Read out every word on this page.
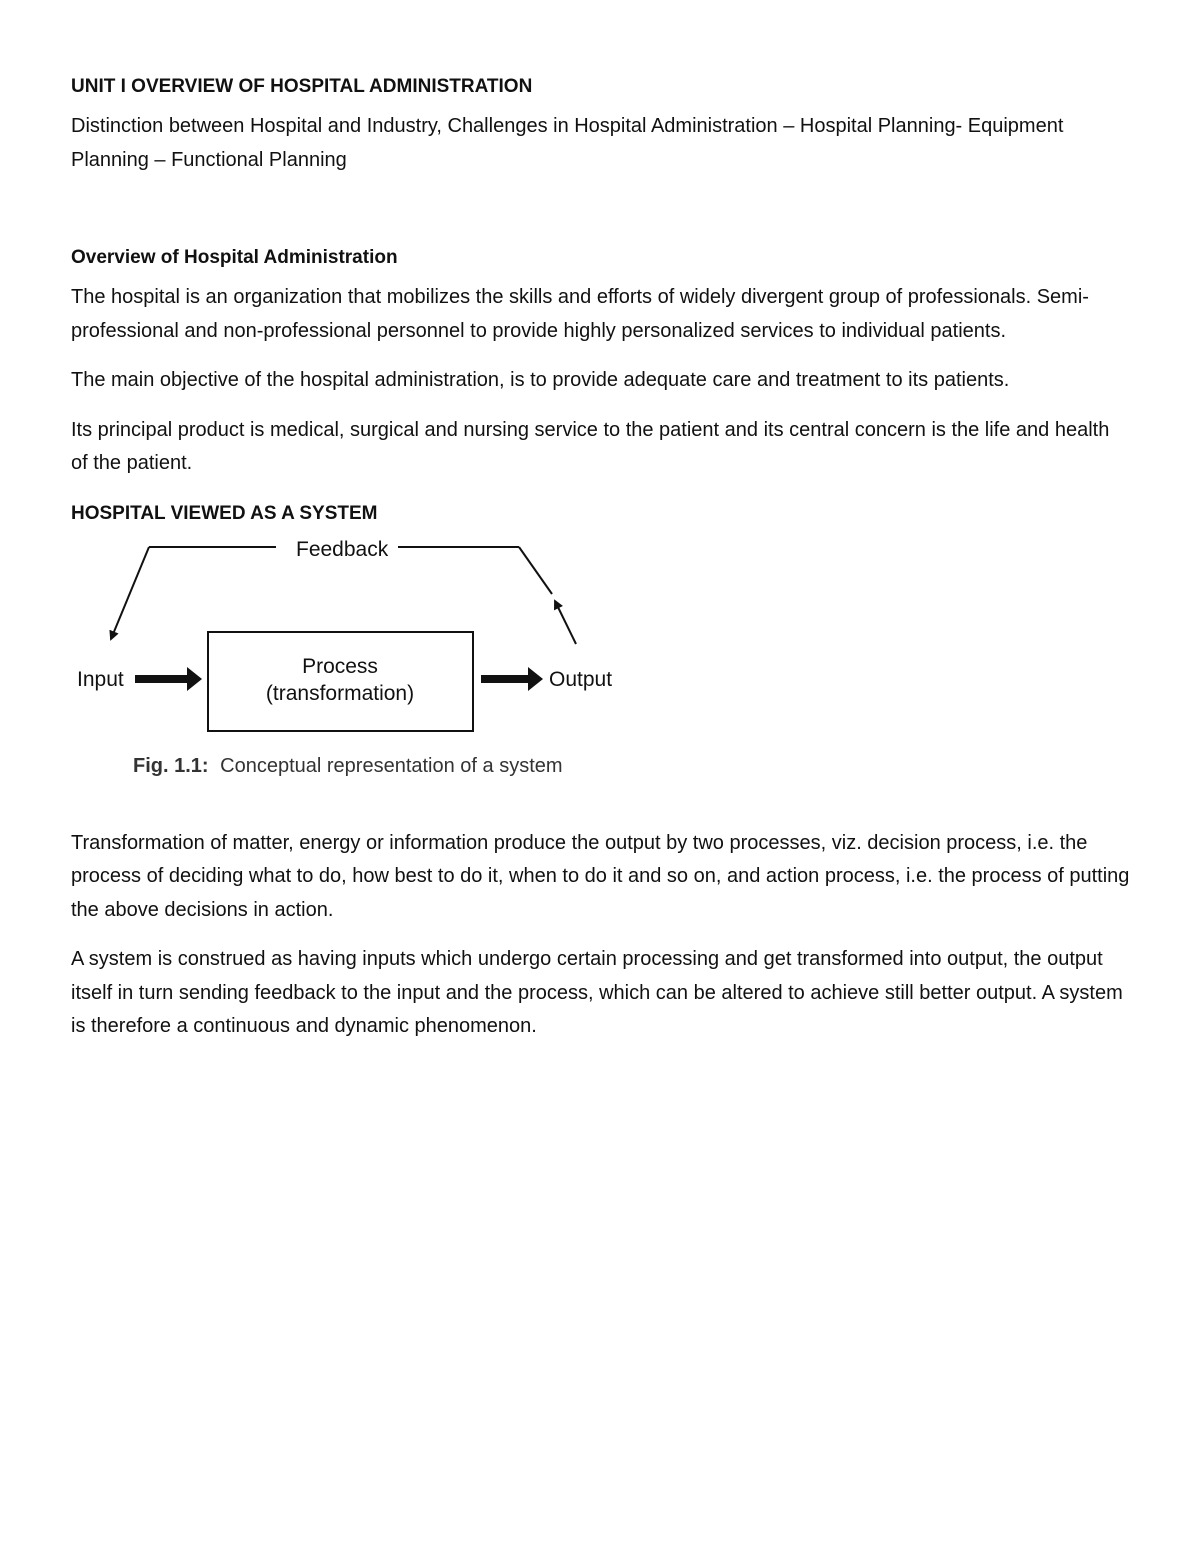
UNIT I OVERVIEW OF HOSPITAL ADMINISTRATION

Distinction between Hospital and Industry, Challenges in Hospital Administration – Hospital Planning- Equipment Planning – Functional Planning

Overview of Hospital Administration

The hospital is an organization that mobilizes the skills and efforts of widely divergent group of professionals. Semi-professional and non-professional personnel to provide highly personalized services to individual patients.

The main objective of the hospital administration, is to provide adequate care and treatment to its patients.

Its principal product is medical, surgical and nursing service to the patient and its central concern is the life and health of the patient.

HOSPITAL VIEWED AS A SYSTEM
Feedback
Input
Process
(transformation)
Output
Fig. 1.1: Conceptual representation of a system

Transformation of matter, energy or information produce the output by two processes, viz. decision process, i.e. the process of deciding what to do, how best to do it, when to do it and so on, and action process, i.e. the process of putting the above decisions in action.

A system is construed as having inputs which undergo certain processing and get transformed into output, the output itself in turn sending feedback to the input and the process, which can be altered to achieve still better output. A system is therefore a continuous and dynamic phenomenon.
